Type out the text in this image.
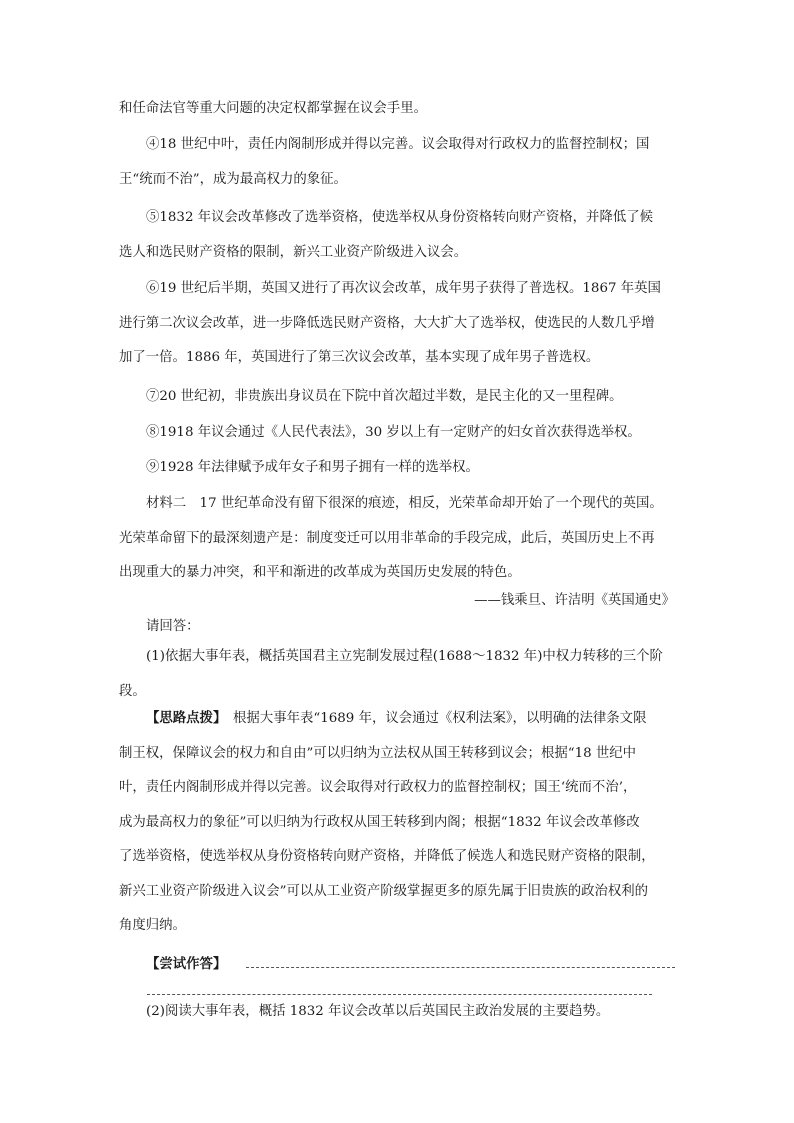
和任命法官等重大问题的决定权都掌握在议会手里。
④18 世纪中叶，责任内阁制形成并得以完善。议会取得对行政权力的监督控制权；国
王“统而不治”，成为最高权力的象征。
⑤1832 年议会改革修改了选举资格，使选举权从身份资格转向财产资格，并降低了候
选人和选民财产资格的限制，新兴工业资产阶级进入议会。
⑥19 世纪后半期，英国又进行了再次议会改革，成年男子获得了普选权。1867 年英国
进行第二次议会改革，进一步降低选民财产资格，大大扩大了选举权，使选民的人数几乎增
加了一倍。1886 年，英国进行了第三次议会改革，基本实现了成年男子普选权。
⑦20 世纪初，非贵族出身议员在下院中首次超过半数，是民主化的又一里程碑。
⑧1918 年议会通过《人民代表法》，30 岁以上有一定财产的妇女首次获得选举权。
⑨1928 年法律赋予成年女子和男子拥有一样的选举权。
材料二　17 世纪革命没有留下很深的痕迹，相反，光荣革命却开始了一个现代的英国。
光荣革命留下的最深刻遗产是：制度变迁可以用非革命的手段完成，此后，英国历史上不再
出现重大的暴力冲突，和平和渐进的改革成为英国历史发展的特色。
——钱乘旦、许洁明《英国通史》
请回答：
(1)依据大事年表，概括英国君主立宪制发展过程(1688～1832 年)中权力转移的三个阶
段。
【思路点拨】　根据大事年表“1689 年，议会通过《权利法案》，以明确的法律条文限
制王权，保障议会的权力和自由”可以归纳为立法权从国王转移到议会；根据“18 世纪中
叶，责任内阁制形成并得以完善。议会取得对行政权力的监督控制权；国王‘统而不治’，
成为最高权力的象征”可以归纳为行政权从国王转移到内阁；根据“1832 年议会改革修改
了选举资格，使选举权从身份资格转向财产资格，并降低了候选人和选民财产资格的限制，
新兴工业资产阶级进入议会”可以从工业资产阶级掌握更多的原先属于旧贵族的政治权利的
角度归纳。
【尝试作答】
(2)阅读大事年表，概括 1832 年议会改革以后英国民主政治发展的主要趋势。
